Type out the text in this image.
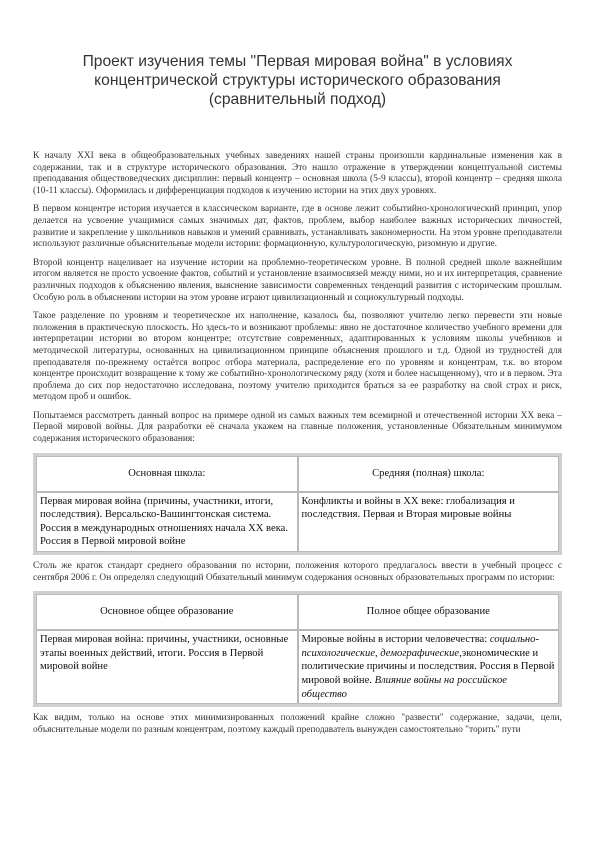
Проект изучения темы "Первая мировая война" в условиях концентрической структуры исторического образования (сравнительный подход)

К началу XXI века в общеобразовательных учебных заведениях нашей страны произошли кардинальные изменения как в содержании, так и в структуре исторического образования. Это нашло отражение в утверждении концептуальной системы преподавания обществоведческих дисциплин: первый концентр – основная школа (5-9 классы), второй концентр – средняя школа (10-11 классы). Оформилась и дифференциация подходов к изучению истории на этих двух уровнях.

В первом концентре история изучается в классическом варианте, где в основе лежит событийно-хронологический принцип, упор делается на усвоение учащимися самых значимых дат, фактов, проблем, выбор наиболее важных исторических личностей, развитие и закрепление у школьников навыков и умений сравнивать, устанавливать закономерности. На этом уровне преподаватели используют различные объяснительные модели истории: формационную, культурологическую, ризомную и другие.

Второй концентр нацеливает на изучение истории на проблемно-теоретическом уровне. В полной средней школе важнейшим итогом является не просто усвоение фактов, событий и установление взаимосвязей между ними, но и их интерпретация, сравнение различных подходов к объяснению явления, выяснение зависимости современных тенденций развития с историческим прошлым. Особую роль в объяснении истории на этом уровне играют цивилизационный и социокультурный подходы.

Такое разделение по уровням и теоретическое их наполнение, казалось бы, позволяют учителю легко перевести эти новые положения в практическую плоскость. Но здесь-то и возникают проблемы: явно не достаточное количество учебного времени для интерпретации истории во втором концентре; отсутствие современных, адаптированных к условиям школы учебников и методической литературы, основанных на цивилизационном принципе объяснения прошлого и т.д. Одной из трудностей для преподавателя по-прежнему остаётся вопрос отбора материала, распределение его по уровням и концентрам, т.к. во втором концентре происходит возвращение к тому же событийно-хронологическому ряду (хотя и более насыщенному), что и в первом. Эта проблема до сих пор недостаточно исследована, поэтому учителю приходится браться за ее разработку на свой страх и риск, методом проб и ошибок.

Попытаемся рассмотреть данный вопрос на примере одной из самых важных тем всемирной и отечественной истории XX века – Первой мировой войны. Для разработки её сначала укажем на главные положения, установленные Обязательным минимумом содержания исторического образования:

Основная школа:	Средняя (полная) школа:
Первая мировая война (причины, участники, итоги, последствия). Версальско-Вашингтонская система. Россия в международных отношениях начала XX века. Россия в Первой мировой войне	Конфликты и войны в XX веке: глобализация и последствия. Первая и Вторая мировые войны

Столь же краток стандарт среднего образования по истории, положения которого предлагалось ввести в учебный процесс с сентября 2006 г. Он определял следующий Обязательный минимум содержания основных образовательных программ по истории:

Основное общее образование	Полное общее образование
Первая мировая война: причины, участники, основные этапы военных действий, итоги. Россия в Первой мировой войне	Мировые войны в истории человечества: социально-психологические, демографические,экономические и политические причины и последствия. Россия в Первой мировой войне. Влияние войны на российское общество

Как видим, только на основе этих минимизированных положений крайне сложно "развести" содержание, задачи, цели, объяснительные модели по разным концентрам, поэтому каждый преподаватель вынужден самостоятельно "торить" пути
